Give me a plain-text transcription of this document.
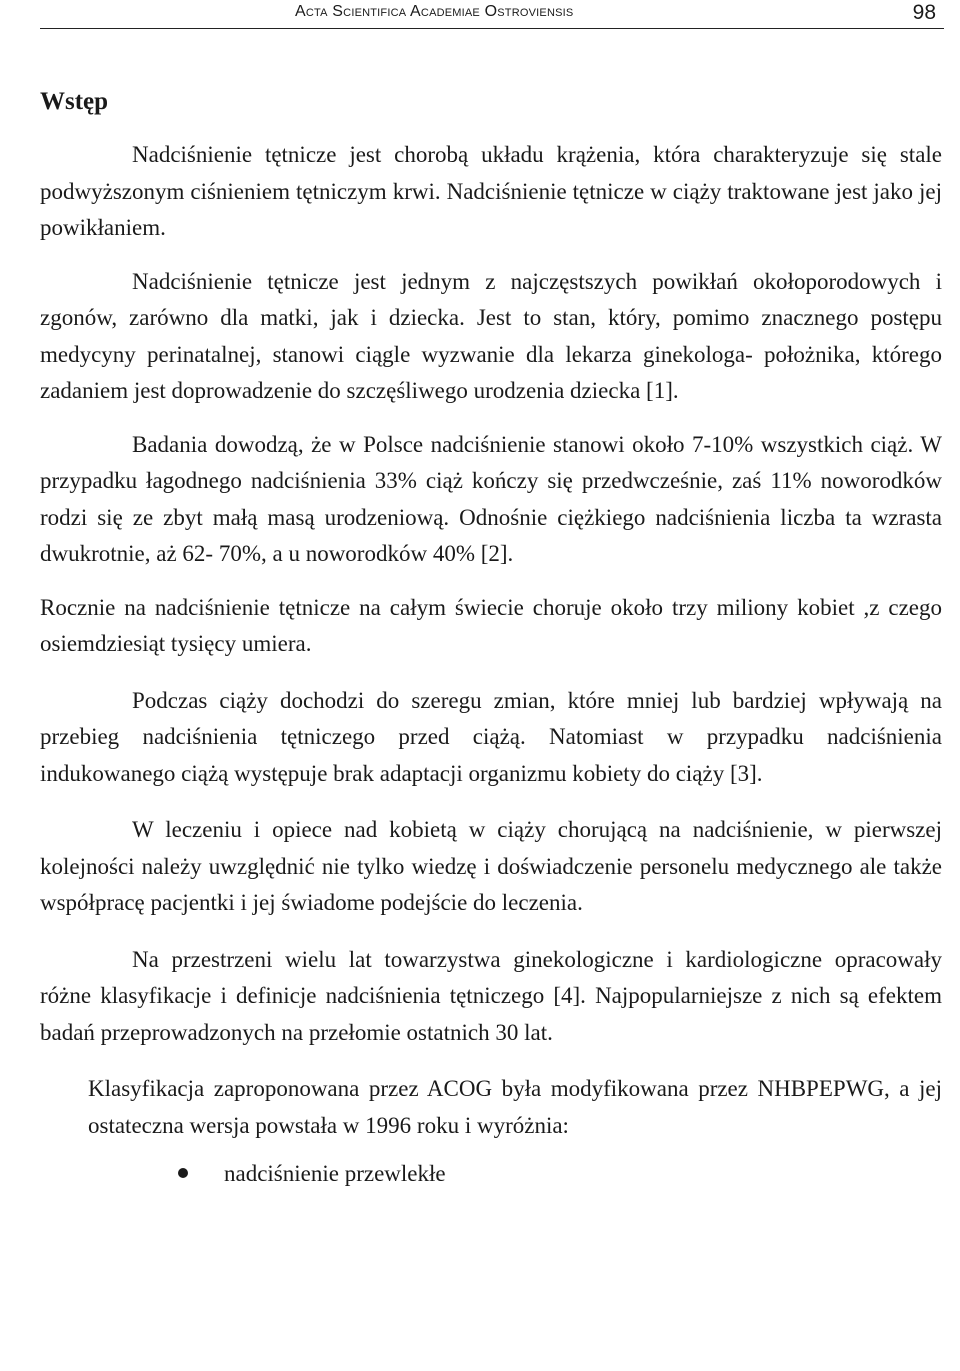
Acta Scientifica Academiae Ostroviensis	98
Wstęp

Nadciśnienie tętnicze jest chorobą układu krążenia, która charakteryzuje się stale podwyższonym ciśnieniem tętniczym krwi. Nadciśnienie tętnicze w ciąży traktowane jest jako jej powikłaniem.

Nadciśnienie tętnicze jest jednym z najczęstszych powikłań okołoporodowych i zgonów, zarówno dla matki, jak i dziecka. Jest to stan, który, pomimo znacznego postępu medycyny perinatalnej, stanowi ciągle wyzwanie dla lekarza ginekologa- położnika, którego zadaniem jest doprowadzenie do szczęśliwego urodzenia dziecka [1].

Badania dowodzą, że w Polsce nadciśnienie stanowi około 7-10% wszystkich ciąż. W przypadku łagodnego nadciśnienia 33% ciąż kończy się przedwcześnie, zaś 11% noworodków rodzi się ze zbyt małą masą urodzeniową. Odnośnie ciężkiego nadciśnienia liczba ta wzrasta dwukrotnie, aż 62- 70%, a u noworodków 40% [2].

Rocznie na nadciśnienie tętnicze na całym świecie choruje około trzy miliony kobiet ,z czego osiemdziesiąt tysięcy umiera.

Podczas ciąży dochodzi do szeregu zmian, które mniej lub bardziej wpływają na przebieg nadciśnienia tętniczego przed ciążą. Natomiast w przypadku nadciśnienia indukowanego ciążą występuje brak adaptacji organizmu kobiety do ciąży [3].

W leczeniu i opiece nad kobietą w ciąży chorującą na nadciśnienie, w pierwszej kolejności należy uwzględnić nie tylko wiedzę i doświadczenie personelu medycznego ale także współpracę pacjentki i jej świadome podejście do leczenia.

Na przestrzeni wielu lat towarzystwa ginekologiczne i kardiologiczne opracowały różne klasyfikacje i definicje nadciśnienia tętniczego [4]. Najpopularniejsze z nich są efektem badań przeprowadzonych na przełomie ostatnich 30 lat.

Klasyfikacja zaproponowana przez ACOG była modyfikowana przez NHBPEPWG, a jej ostateczna wersja powstała w 1996 roku i wyróżnia:

nadciśnienie przewlekłe
